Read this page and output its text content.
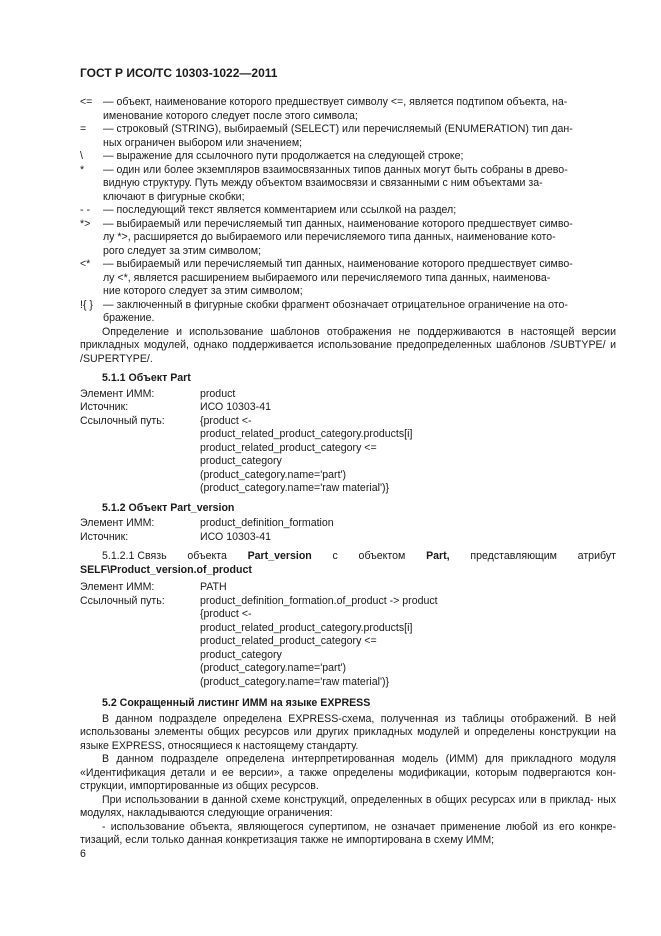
ГОСТ Р ИСО/ТС 10303-1022—2011
<=	— объект, наименование которого предшествует символу <=, является подтипом объекта, на-
именование которого следует после этого символа;
=	— строковый (STRING), выбираемый (SELECT) или перечисляемый (ENUMERATION) тип дан-
ных ограничен выбором или значением;
\	— выражение для ссылочного пути продолжается на следующей строке;
*	— один или более экземпляров взаимосвязанных типов данных могут быть собраны в древо-
видную структуру. Путь между объектом взаимосвязи и связанными с ним объектами за-
ключают в фигурные скобки;
- -	— последующий текст является комментарием или ссылкой на раздел;
*>	— выбираемый или перечисляемый тип данных, наименование которого предшествует симво-
лу *>, расширяется до выбираемого или перечисляемого типа данных, наименование кото-
рого следует за этим символом;
<*	— выбираемый или перечисляемый тип данных, наименование которого предшествует симво-
лу <*, является расширением выбираемого или перечисляемого типа данных, наименова-
ние которого следует за этим символом;
!{ } — заключенный в фигурные скобки фрагмент обозначает отрицательное ограничение на ото-
бражение.
Определение и использование шаблонов отображения не поддерживаются в настоящей версии прикладных модулей, однако поддерживается использование предопределенных шаблонов /SUBTYPE/ и /SUPERTYPE/.
5.1.1 Объект Part
Элемент ИММ:	product
Источник:	ИСО 10303-41
Ссылочный путь:	{product <-
product_related_product_category.products[i]
product_related_product_category <=
product_category
(product_category.name='part')
(product_category.name='raw material')}
5.1.2 Объект Part_version
Элемент ИММ:	product_definition_formation
Источник:	ИСО 10303-41
5.1.2.1 Связь объекта Part_version с объектом Part, представляющим атрибут
SELF\Product_version.of_product
Элемент ИММ:	PATH
Ссылочный путь:	product_definition_formation.of_product -> product
{product <-
product_related_product_category.products[i]
product_related_product_category <=
product_category
(product_category.name='part')
(product_category.name='raw material')}
5.2 Сокращенный листинг ИММ на языке EXPRESS
В данном подразделе определена EXPRESS-схема, полученная из таблицы отображений. В ней использованы элементы общих ресурсов или других прикладных модулей и определены конструкции на языке EXPRESS, относящиеся к настоящему стандарту.
В данном подразделе определена интерпретированная модель (ИММ) для прикладного модуля «Идентификация детали и ее версии», а также определены модификации, которым подвергаются кон- струкции, импортированные из общих ресурсов.
При использовании в данной схеме конструкций, определенных в общих ресурсах или в приклад- ных модулях, накладываются следующие ограничения:
- использование объекта, являющегося супертипом, не означает применение любой из его конкре- тизаций, если только данная конкретизация также не импортирована в схему ИММ;
6
